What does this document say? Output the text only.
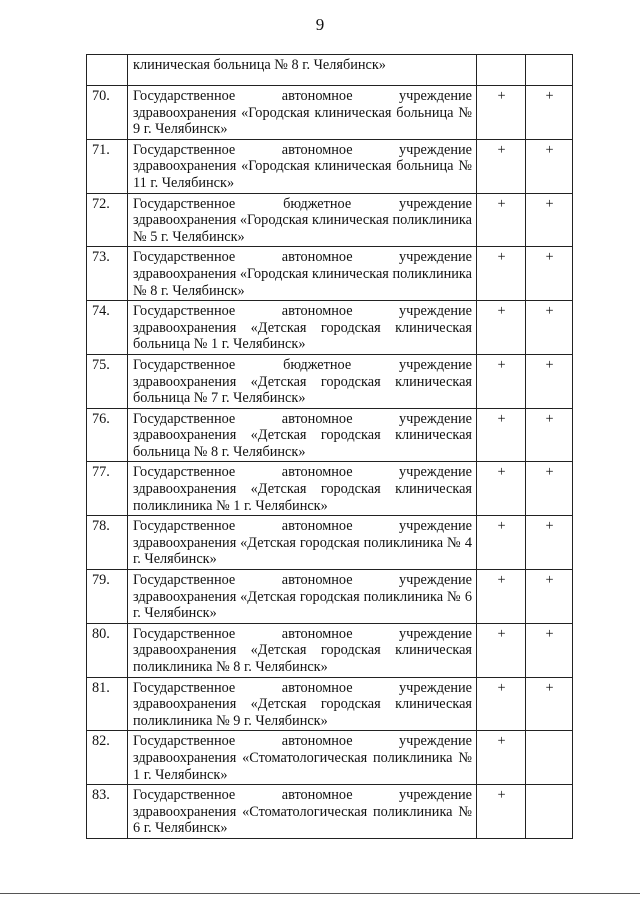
9
	клиническая больница № 8 г. Челябинск»		
70.	Государственное автономное учреждение здравоохранения «Городская клиническая больница № 9 г. Челябинск»	+	+
71.	Государственное автономное учреждение здравоохранения «Городская клиническая больница № 11 г. Челябинск»	+	+
72.	Государственное бюджетное учреждение здравоохранения «Городская клиническая поликлиника № 5 г. Челябинск»	+	+
73.	Государственное автономное учреждение здравоохранения «Городская клиническая поликлиника № 8 г. Челябинск»	+	+
74.	Государственное автономное учреждение здравоохранения «Детская городская клиническая больница № 1 г. Челябинск»	+	+
75.	Государственное бюджетное учреждение здравоохранения «Детская городская клиническая больница № 7 г. Челябинск»	+	+
76.	Государственное автономное учреждение здравоохранения «Детская городская клиническая больница № 8 г. Челябинск»	+	+
77.	Государственное автономное учреждение здравоохранения «Детская городская клиническая поликлиника № 1 г. Челябинск»	+	+
78.	Государственное автономное учреждение здравоохранения «Детская городская поликлиника № 4 г. Челябинск»	+	+
79.	Государственное автономное учреждение здравоохранения «Детская городская поликлиника № 6 г. Челябинск»	+	+
80.	Государственное автономное учреждение здравоохранения «Детская городская клиническая поликлиника № 8 г. Челябинск»	+	+
81.	Государственное автономное учреждение здравоохранения «Детская городская клиническая поликлиника № 9 г. Челябинск»	+	+
82.	Государственное автономное учреждение здравоохранения «Стоматологическая поликлиника № 1 г. Челябинск»	+	
83.	Государственное автономное учреждение здравоохранения «Стоматологическая поликлиника № 6 г. Челябинск»	+	
